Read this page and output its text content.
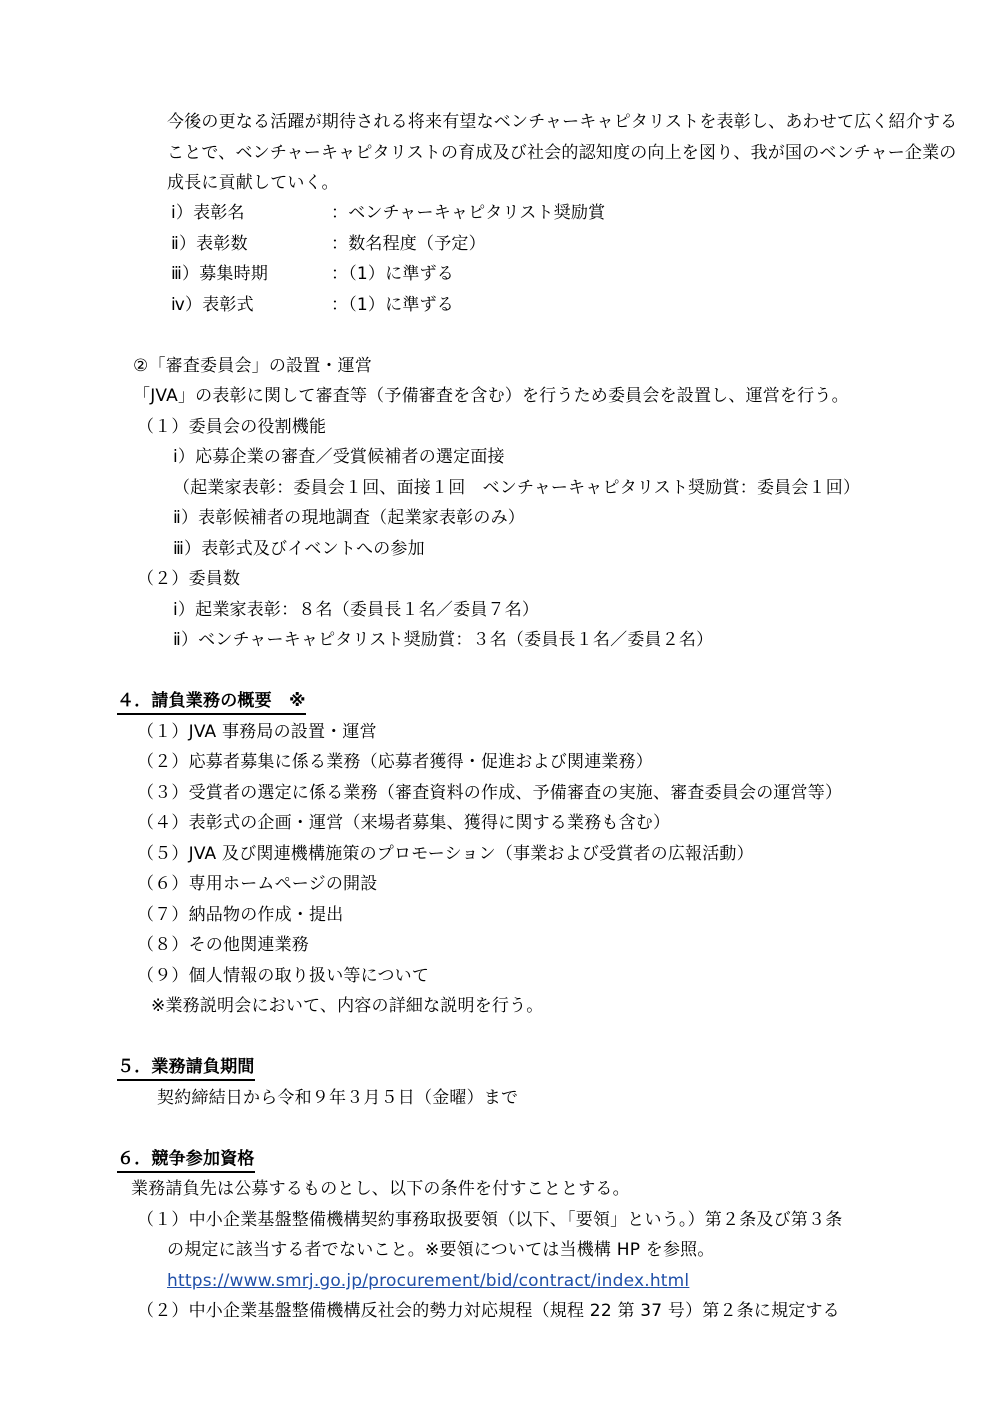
今後の更なる活躍が期待される将来有望なベンチャーキャピタリストを表彰し、あわせて広く紹介する
ことで、ベンチャーキャピタリストの育成及び社会的認知度の向上を図り、我が国のベンチャー企業の
成長に貢献していく。
ⅰ）表彰名	：ベンチャーキャピタリスト奨励賞
ⅱ）表彰数	：数名程度（予定）
ⅲ）募集時期	：（1）に準ずる
ⅳ）表彰式	：（1）に準ずる
②「審査委員会」の設置・運営
「JVA」の表彰に関して審査等（予備審査を含む）を行うため委員会を設置し、運営を行う。
（１）委員会の役割機能
ⅰ）応募企業の審査／受賞候補者の選定面接
（起業家表彰：委員会１回、面接１回　ベンチャーキャピタリスト奨励賞：委員会１回）
ⅱ）表彰候補者の現地調査（起業家表彰のみ）
ⅲ）表彰式及びイベントへの参加
（２）委員数
ⅰ）起業家表彰：８名（委員長１名／委員７名）
ⅱ）ベンチャーキャピタリスト奨励賞：３名（委員長１名／委員２名）
４．請負業務の概要　※
（１）JVA 事務局の設置・運営
（２）応募者募集に係る業務（応募者獲得・促進および関連業務）
（３）受賞者の選定に係る業務（審査資料の作成、予備審査の実施、審査委員会の運営等）
（４）表彰式の企画・運営（来場者募集、獲得に関する業務も含む）
（５）JVA 及び関連機構施策のプロモーション（事業および受賞者の広報活動）
（６）専用ホームページの開設
（７）納品物の作成・提出
（８）その他関連業務
（９）個人情報の取り扱い等について
※業務説明会において、内容の詳細な説明を行う。
５．業務請負期間
契約締結日から令和９年３月５日（金曜）まで
６．競争参加資格
業務請負先は公募するものとし、以下の条件を付すこととする。
（１）中小企業基盤整備機構契約事務取扱要領（以下、「要領」という。）第２条及び第３条
の規定に該当する者でないこと。※要領については当機構 HP を参照。
https://www.smrj.go.jp/procurement/bid/contract/index.html
（２）中小企業基盤整備機構反社会的勢力対応規程（規程 22 第 37 号）第２条に規定する
